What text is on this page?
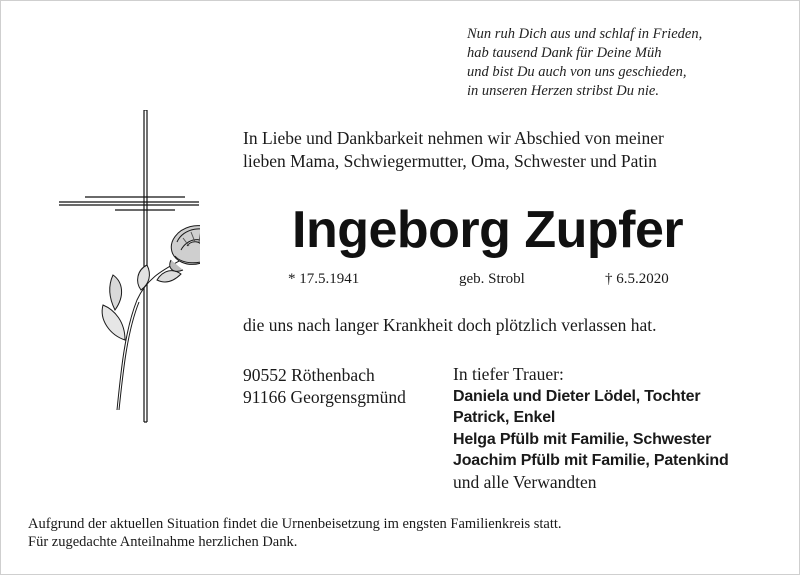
Nun ruh Dich aus und schlaf in Frieden,
hab tausend Dank für Deine Müh
und bist Du auch von uns geschieden,
in unseren Herzen stribst Du nie.
In Liebe und Dankbarkeit nehmen wir Abschied von meiner
lieben Mama, Schwiegermutter, Oma, Schwester und Patin
Ingeborg Zupfer
* 17.5.1941	geb. Strobl	† 6.5.2020
die uns nach langer Krankheit doch plötzlich verlassen hat.
90552 Röthenbach
91166 Georgensgmünd
In tiefer Trauer:
Daniela und Dieter Lödel, Tochter
Patrick, Enkel
Helga Pfülb mit Familie, Schwester
Joachim Pfülb mit Familie, Patenkind
und alle Verwandten
Aufgrund der aktuellen Situation findet die Urnenbeisetzung im engsten Familienkreis statt.
Für zugedachte Anteilnahme herzlichen Dank.
